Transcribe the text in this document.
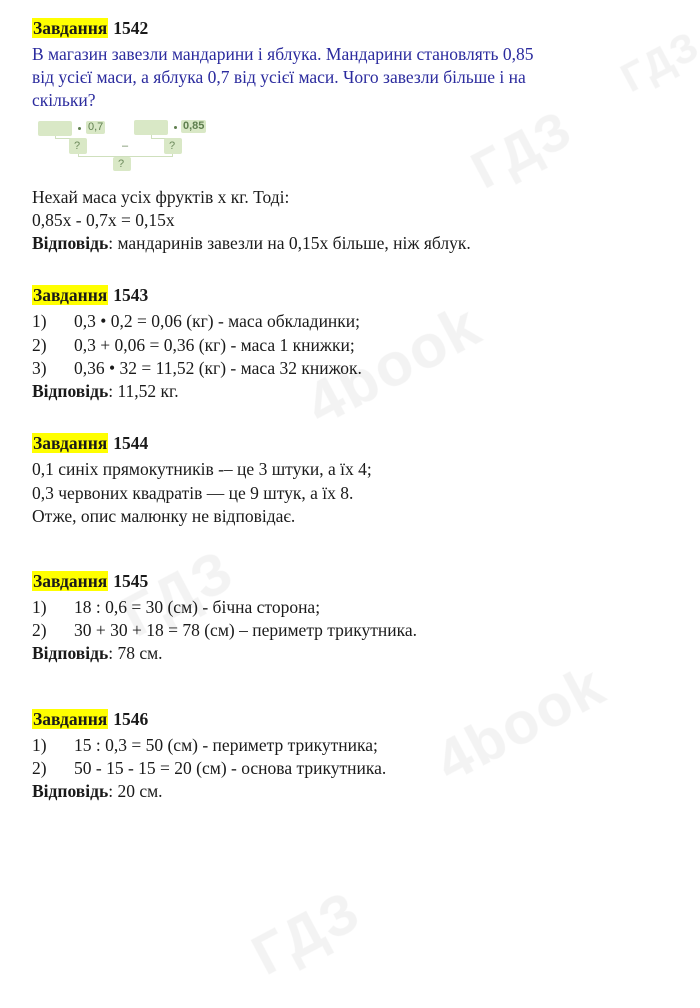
Завдання 1542

В магазин завезли мандарини і яблука. Мандарини становлять 0,85

від усієї маси, а яблука 0,7 від усієї маси. Чого завезли більше і на

скільки?

0,7	0,85
?	–	?
?

Нехай маса усіх фруктів x кг. Тоді:

0,85x - 0,7x = 0,15x

Відповідь: мандаринів завезли на 0,15x більше, ніж яблук.

Завдання 1543

1)	0,3 • 0,2 = 0,06 (кг) - маса обкладинки;

2)	0,3 + 0,06 = 0,36 (кг) - маса 1 книжки;

3)	0,36 • 32 = 11,52 (кг) - маса 32 книжок.

Відповідь: 11,52 кг.

Завдання 1544

0,1 синіх прямокутників -– це 3 штуки, а їх 4;

0,3 червоних квадратів — це 9 штук, а їх 8.

Отже, опис малюнку не відповідає.

Завдання 1545

1)	18 : 0,6 = 30 (см) - бічна сторона;

2)	30 + 30 + 18 = 78 (см) – периметр трикутника.

Відповідь: 78 см.

Завдання 1546

1)	15 : 0,3 = 50 (см) - периметр трикутника;

2)	50 - 15 - 15 = 20 (см) - основа трикутника.

Відповідь: 20 см.
